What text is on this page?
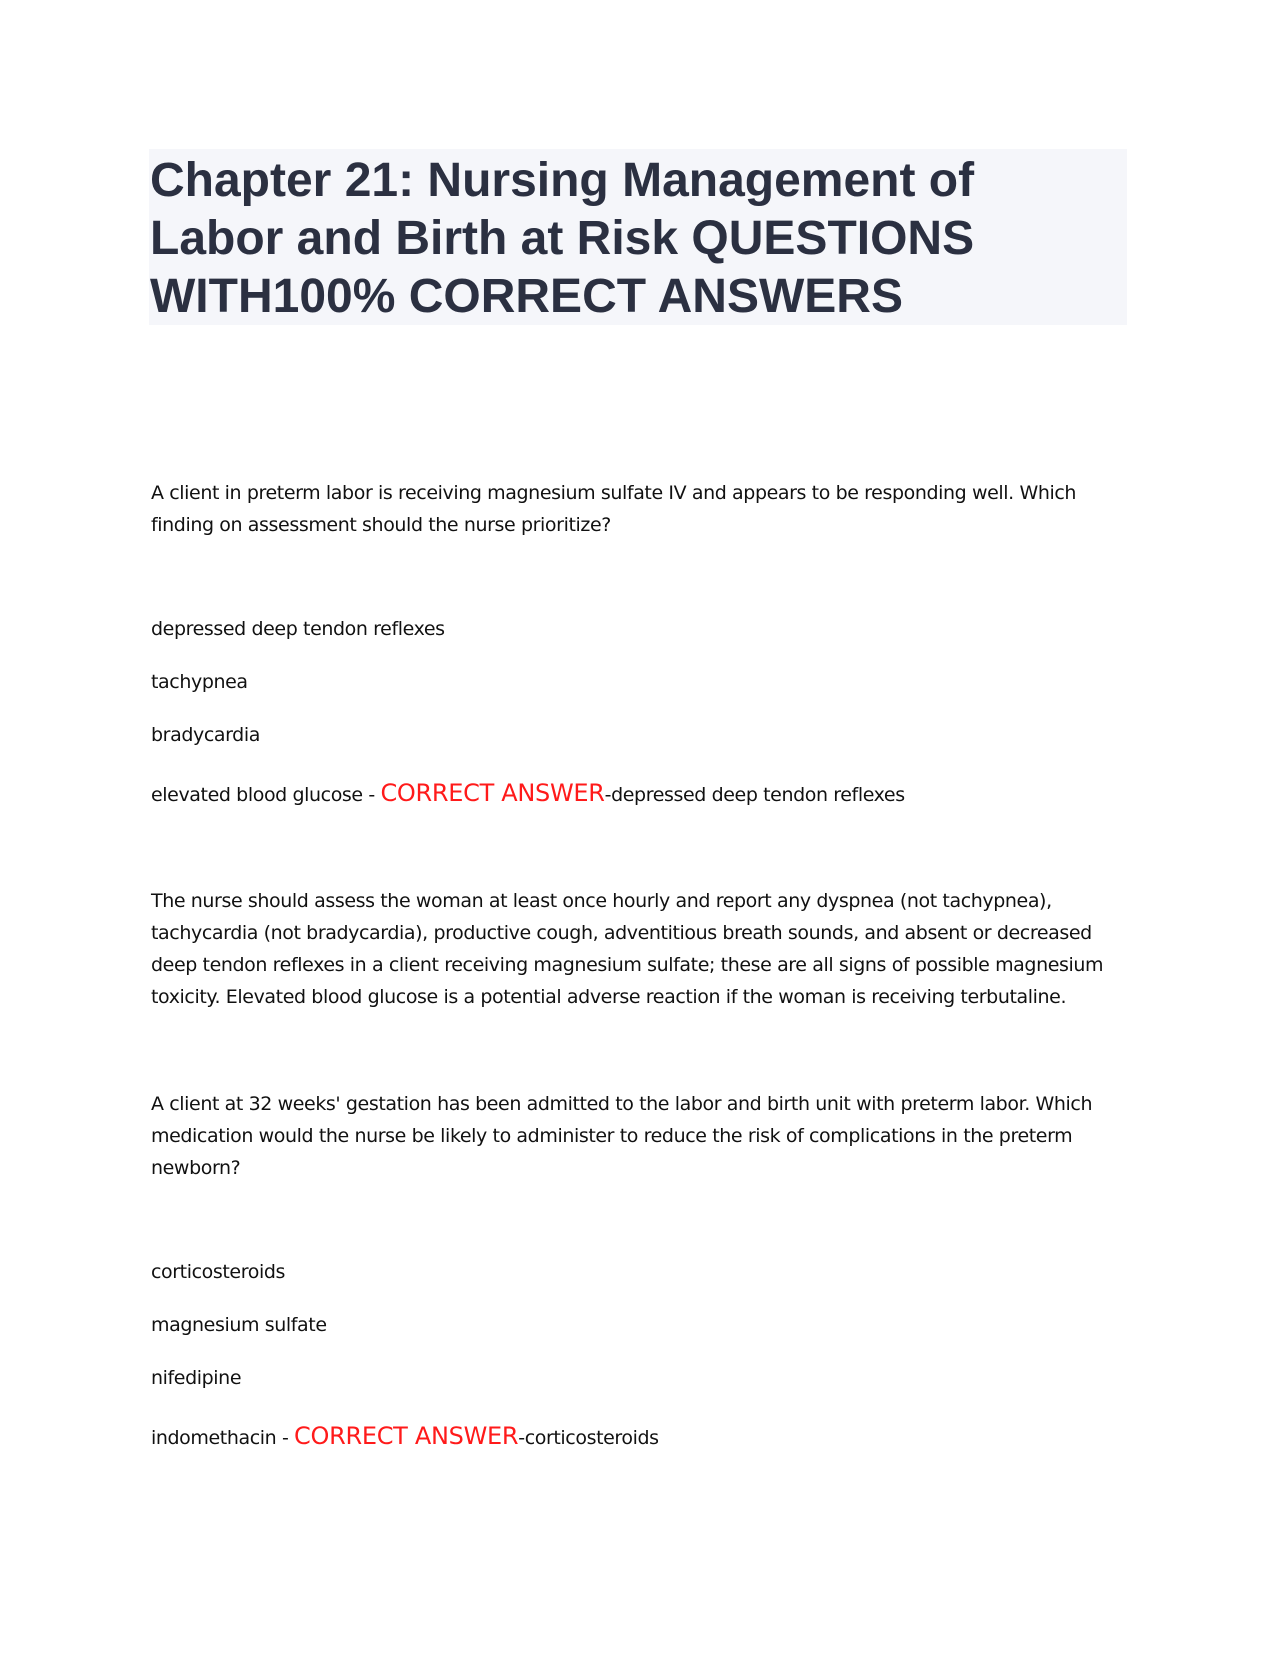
Chapter 21: Nursing Management of Labor and Birth at Risk QUESTIONS WITH100% CORRECT ANSWERS

A client in preterm labor is receiving magnesium sulfate IV and appears to be responding well. Which finding on assessment should the nurse prioritize?

depressed deep tendon reflexes

tachypnea

bradycardia

elevated blood glucose - CORRECT ANSWER-depressed deep tendon reflexes

The nurse should assess the woman at least once hourly and report any dyspnea (not tachypnea), tachycardia (not bradycardia), productive cough, adventitious breath sounds, and absent or decreased deep tendon reflexes in a client receiving magnesium sulfate; these are all signs of possible magnesium toxicity. Elevated blood glucose is a potential adverse reaction if the woman is receiving terbutaline.

A client at 32 weeks' gestation has been admitted to the labor and birth unit with preterm labor. Which medication would the nurse be likely to administer to reduce the risk of complications in the preterm newborn?

corticosteroids

magnesium sulfate

nifedipine

indomethacin - CORRECT ANSWER-corticosteroids
